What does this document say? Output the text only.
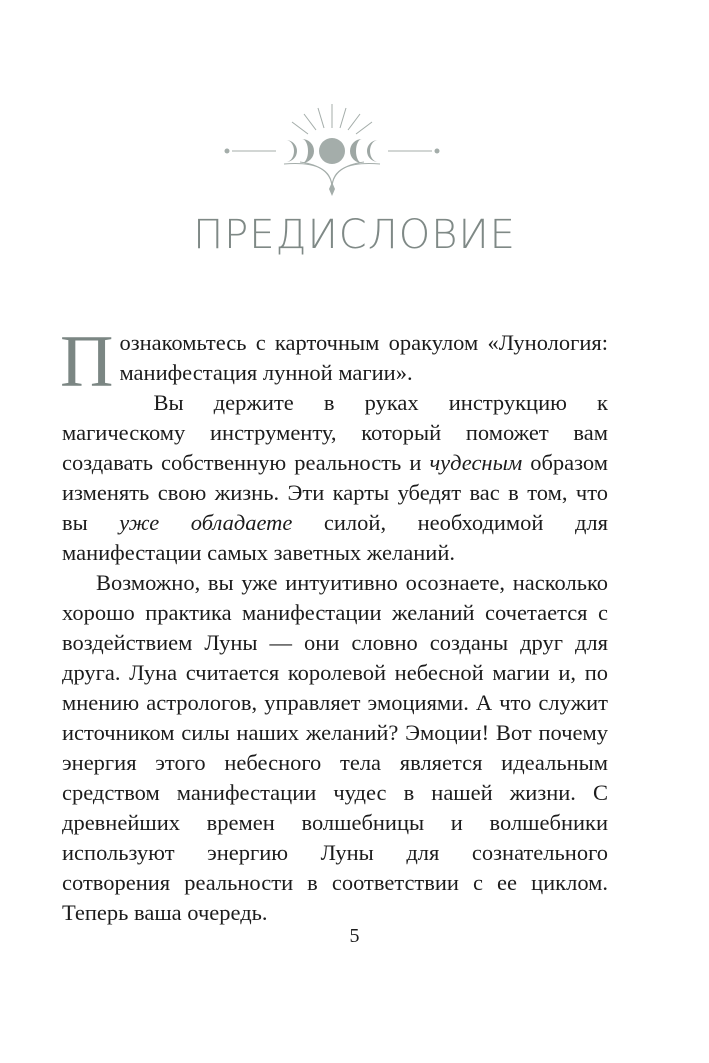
ПРЕДИСЛОВИЕ

Познакомьтесь с карточным оракулом «Лунология: манифестация лунной магии».

Вы держите в руках инструкцию к магическому инструменту, который поможет вам создавать собственную реальность и чудесным образом изменять свою жизнь. Эти карты убедят вас в том, что вы уже обладаете силой, необходимой для манифестации самых заветных желаний.

Возможно, вы уже интуитивно осознаете, насколько хорошо практика манифестации желаний сочетается с воздействием Луны — они словно созданы друг для друга. Луна считается королевой небесной магии и, по мнению астрологов, управляет эмоциями. А что служит источником силы наших желаний? Эмоции! Вот почему энергия этого небесного тела является идеальным средством манифестации чудес в нашей жизни. С древнейших времен волшебницы и волшебники используют энергию Луны для сознательного сотворения реальности в соответствии с ее циклом. Теперь ваша очередь.

5
